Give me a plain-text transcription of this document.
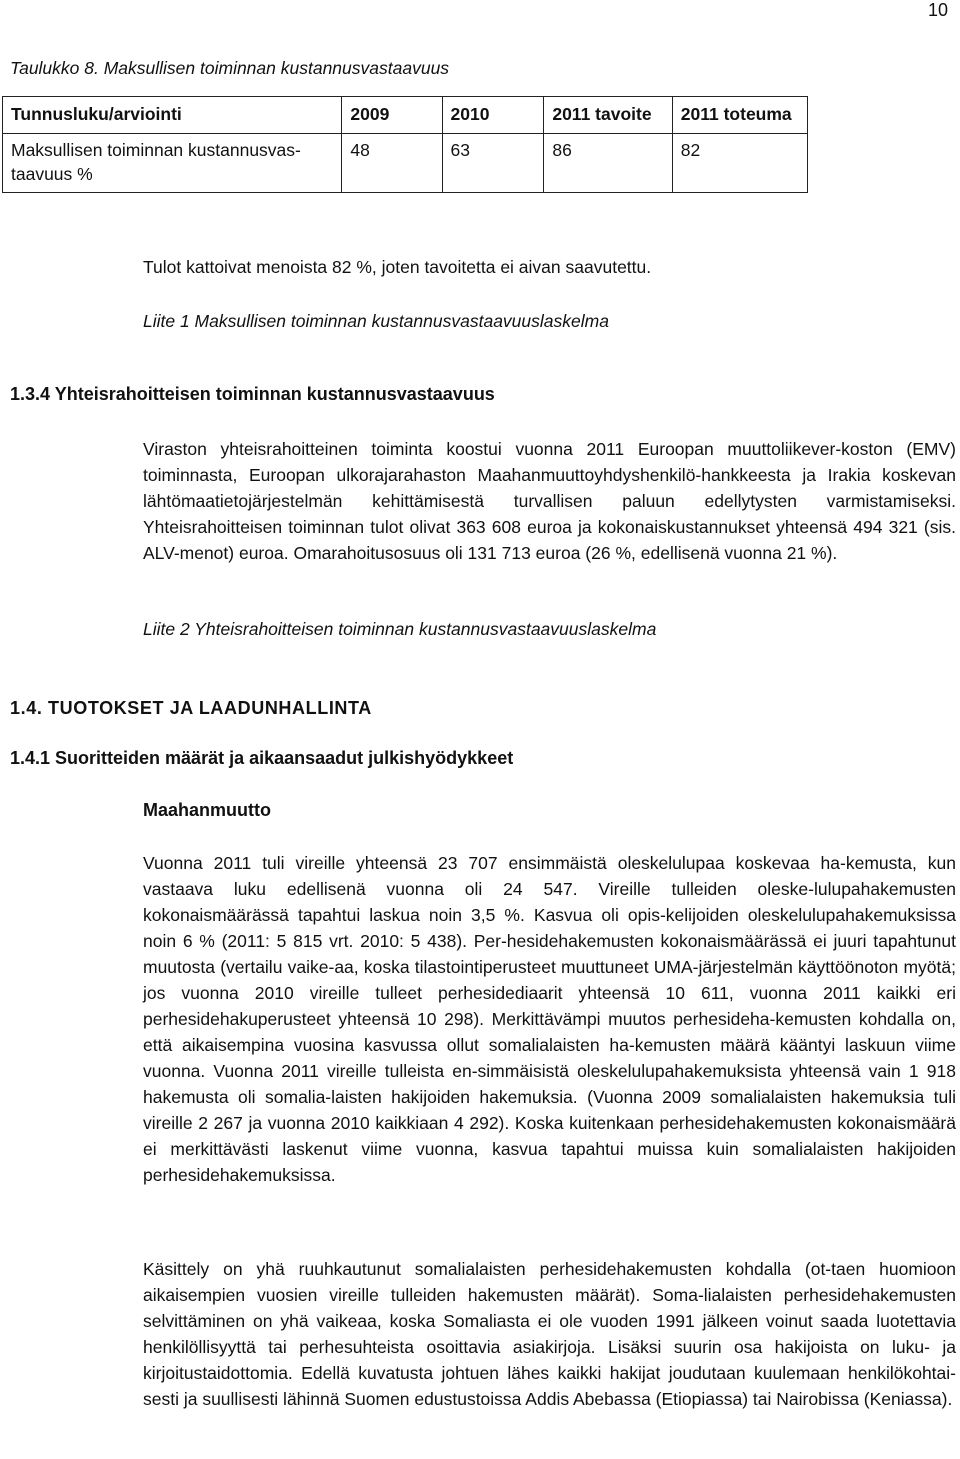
10
Taulukko 8. Maksullisen toiminnan kustannusvastaavuus
Tunnusluku/arviointi	2009	2010	2011 tavoite	2011 toteuma
Maksullisen toiminnan kustannusvas-taavuus %	48	63	86	82
Tulot kattoivat menoista 82 %, joten tavoitetta ei aivan saavutettu.
Liite 1 Maksullisen toiminnan kustannusvastaavuuslaskelma
1.3.4 Yhteisrahoitteisen toiminnan kustannusvastaavuus
Viraston yhteisrahoitteinen toiminta koostui vuonna 2011 Euroopan muuttoliikever-koston (EMV) toiminnasta, Euroopan ulkorajarahaston Maahanmuuttoyhdyshenkilö-hankkeesta ja Irakia koskevan lähtömaatietojärjestelmän kehittämisestä turvallisen paluun edellytysten varmistamiseksi. Yhteisrahoitteisen toiminnan tulot olivat 363 608 euroa ja kokonaiskustannukset yhteensä 494 321 (sis. ALV-menot) euroa. Omarahoitusosuus oli 131 713 euroa (26 %, edellisenä vuonna 21 %).
Liite 2 Yhteisrahoitteisen toiminnan kustannusvastaavuuslaskelma
1.4. TUOTOKSET JA LAADUNHALLINTA
1.4.1 Suoritteiden määrät ja aikaansaadut julkishyödykkeet
Maahanmuutto
Vuonna 2011 tuli vireille yhteensä 23 707 ensimmäistä oleskelulupaa koskevaa ha-kemusta, kun vastaava luku edellisenä vuonna oli 24 547. Vireille tulleiden oleske-lulupahakemusten kokonaismäärässä tapahtui laskua noin 3,5 %. Kasvua oli opis-kelijoiden oleskelulupahakemuksissa noin 6 % (2011: 5 815 vrt. 2010: 5 438). Per-hesidehakemusten kokonaismäärässä ei juuri tapahtunut muutosta (vertailu vaike-aa, koska tilastointiperusteet muuttuneet UMA-järjestelmän käyttöönoton myötä; jos vuonna 2010 vireille tulleet perhesidediaarit yhteensä 10 611, vuonna 2011 kaikki eri perhesidehakuperusteet yhteensä 10 298). Merkittävämpi muutos perhesideha-kemusten kohdalla on, että aikaisempina vuosina kasvussa ollut somalialaisten ha-kemusten määrä kääntyi laskuun viime vuonna. Vuonna 2011 vireille tulleista en-simmäisistä oleskelulupahakemuksista yhteensä vain 1 918 hakemusta oli somalia-laisten hakijoiden hakemuksia. (Vuonna 2009 somalialaisten hakemuksia tuli vireille 2 267 ja vuonna 2010 kaikkiaan 4 292). Koska kuitenkaan perhesidehakemusten kokonaismäärä ei merkittävästi laskenut viime vuonna, kasvua tapahtui muissa kuin somalialaisten hakijoiden perhesidehakemuksissa.
Käsittely on yhä ruuhkautunut somalialaisten perhesidehakemusten kohdalla (ot-taen huomioon aikaisempien vuosien vireille tulleiden hakemusten määrät). Soma-lialaisten perhesidehakemusten selvittäminen on yhä vaikeaa, koska Somaliasta ei ole vuoden 1991 jälkeen voinut saada luotettavia henkilöllisyyttä tai perhesuhteista osoittavia asiakirjoja. Lisäksi suurin osa hakijoista on luku- ja kirjoitustaidottomia. Edellä kuvatusta johtuen lähes kaikki hakijat joudutaan kuulemaan henkilökohtai-sesti ja suullisesti lähinnä Suomen edustustoissa Addis Abebassa (Etiopiassa) tai Nairobissa (Keniassa).
